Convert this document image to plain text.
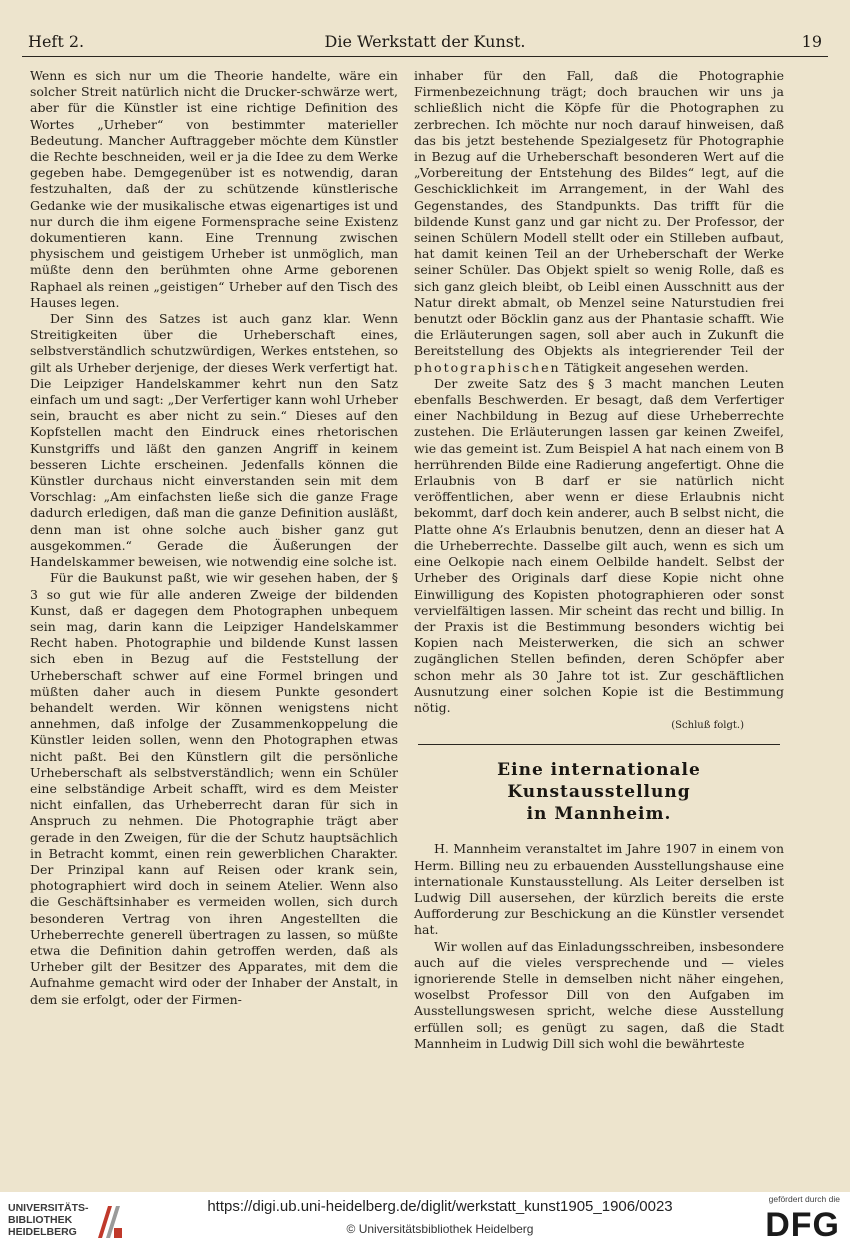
Heft 2.	Die Werkstatt der Kunst.	19

Wenn es sich nur um die Theorie handelte, wäre ein solcher Streit natürlich nicht die Drucker-schwärze wert, aber für die Künstler ist eine richtige Definition des Wortes „Urheber“ von bestimmter materieller Bedeutung. Mancher Auftraggeber möchte dem Künstler die Rechte beschneiden, weil er ja die Idee zu dem Werke gegeben habe. Demgegenüber ist es notwendig, daran festzuhalten, daß der zu schützende künstlerische Gedanke wie der musikalische etwas eigenartiges ist und nur durch die ihm eigene Formensprache seine Existenz dokumentieren kann. Eine Trennung zwischen physischem und geistigem Urheber ist unmöglich, man müßte denn den berühmten ohne Arme geborenen Raphael als reinen „geistigen“ Urheber auf den Tisch des Hauses legen.

Der Sinn des Satzes ist auch ganz klar. Wenn Streitigkeiten über die Urheberschaft eines, selbstverständlich schutzwürdigen, Werkes entstehen, so gilt als Urheber derjenige, der dieses Werk verfertigt hat. Die Leipziger Handelskammer kehrt nun den Satz einfach um und sagt: „Der Verfertiger kann wohl Urheber sein, braucht es aber nicht zu sein.“ Dieses auf den Kopfstellen macht den Eindruck eines rhetorischen Kunstgriffs und läßt den ganzen Angriff in keinem besseren Lichte erscheinen. Jedenfalls können die Künstler durchaus nicht einverstanden sein mit dem Vorschlag: „Am einfachsten ließe sich die ganze Frage dadurch erledigen, daß man die ganze Definition ausläßt, denn man ist ohne solche auch bisher ganz gut ausgekommen.“ Gerade die Äußerungen der Handelskammer beweisen, wie notwendig eine solche ist.

Für die Baukunst paßt, wie wir gesehen haben, der § 3 so gut wie für alle anderen Zweige der bildenden Kunst, daß er dagegen dem Photographen unbequem sein mag, darin kann die Leipziger Handelskammer Recht haben. Photographie und bildende Kunst lassen sich eben in Bezug auf die Feststellung der Urheberschaft schwer auf eine Formel bringen und müßten daher auch in diesem Punkte gesondert behandelt werden. Wir können wenigstens nicht annehmen, daß infolge der Zusammenkoppelung die Künstler leiden sollen, wenn den Photographen etwas nicht paßt. Bei den Künstlern gilt die persönliche Urheberschaft als selbstverständlich; wenn ein Schüler eine selbständige Arbeit schafft, wird es dem Meister nicht einfallen, das Urheberrecht daran für sich in Anspruch zu nehmen. Die Photographie trägt aber gerade in den Zweigen, für die der Schutz hauptsächlich in Betracht kommt, einen rein gewerblichen Charakter. Der Prinzipal kann auf Reisen oder krank sein, photographiert wird doch in seinem Atelier. Wenn also die Geschäftsinhaber es vermeiden wollen, sich durch besonderen Vertrag von ihren Angestellten die Urheberrechte generell übertragen zu lassen, so müßte etwa die Definition dahin getroffen werden, daß als Urheber gilt der Besitzer des Apparates, mit dem die Aufnahme gemacht wird oder der Inhaber der Anstalt, in dem sie erfolgt, oder der Firmen-

inhaber für den Fall, daß die Photographie Firmenbezeichnung trägt; doch brauchen wir uns ja schließlich nicht die Köpfe für die Photographen zu zerbrechen. Ich möchte nur noch darauf hinweisen, daß das bis jetzt bestehende Spezialgesetz für Photographie in Bezug auf die Urheberschaft besonderen Wert auf die „Vorbereitung der Entstehung des Bildes“ legt, auf die Geschicklichkeit im Arrangement, in der Wahl des Gegenstandes, des Standpunkts. Das trifft für die bildende Kunst ganz und gar nicht zu. Der Professor, der seinen Schülern Modell stellt oder ein Stilleben aufbaut, hat damit keinen Teil an der Urheberschaft der Werke seiner Schüler. Das Objekt spielt so wenig Rolle, daß es sich ganz gleich bleibt, ob Leibl einen Ausschnitt aus der Natur direkt abmalt, ob Menzel seine Naturstudien frei benutzt oder Böcklin ganz aus der Phantasie schafft. Wie die Erläuterungen sagen, soll aber auch in Zukunft die Bereitstellung des Objekts als integrierender Teil der photographischen Tätigkeit angesehen werden.

Der zweite Satz des § 3 macht manchen Leuten ebenfalls Beschwerden. Er besagt, daß dem Verfertiger einer Nachbildung in Bezug auf diese Urheberrechte zustehen. Die Erläuterungen lassen gar keinen Zweifel, wie das gemeint ist. Zum Beispiel A hat nach einem von B herrührenden Bilde eine Radierung angefertigt. Ohne die Erlaubnis von B darf er sie natürlich nicht veröffentlichen, aber wenn er diese Erlaubnis nicht bekommt, darf doch kein anderer, auch B selbst nicht, die Platte ohne A’s Erlaubnis benutzen, denn an dieser hat A die Urheberrechte. Dasselbe gilt auch, wenn es sich um eine Oelkopie nach einem Oelbilde handelt. Selbst der Urheber des Originals darf diese Kopie nicht ohne Einwilligung des Kopisten photographieren oder sonst vervielfältigen lassen. Mir scheint das recht und billig. In der Praxis ist die Bestimmung besonders wichtig bei Kopien nach Meisterwerken, die sich an schwer zugänglichen Stellen befinden, deren Schöpfer aber schon mehr als 30 Jahre tot ist. Zur geschäftlichen Ausnutzung einer solchen Kopie ist die Bestimmung nötig.

(Schluß folgt.)
Eine internationale Kunstausstellung
in Mannheim.

H. Mannheim veranstaltet im Jahre 1907 in einem von Herm. Billing neu zu erbauenden Ausstellungshause eine internationale Kunstausstellung. Als Leiter derselben ist Ludwig Dill ausersehen, der kürzlich bereits die erste Aufforderung zur Beschickung an die Künstler versendet hat.

Wir wollen auf das Einladungsschreiben, insbesondere auch auf die vieles versprechende und — vieles ignorierende Stelle in demselben nicht näher eingehen, woselbst Professor Dill von den Aufgaben im Ausstellungswesen spricht, welche diese Ausstellung erfüllen soll; es genügt zu sagen, daß die Stadt Mannheim in Ludwig Dill sich wohl die bewährteste

UNIVERSITÄTS-
BIBLIOTHEK
HEIDELBERG
https://digi.ub.uni-heidelberg.de/diglit/werkstatt_kunst1905_1906/0023
© Universitätsbibliothek Heidelberg
gefördert durch die
DFG
